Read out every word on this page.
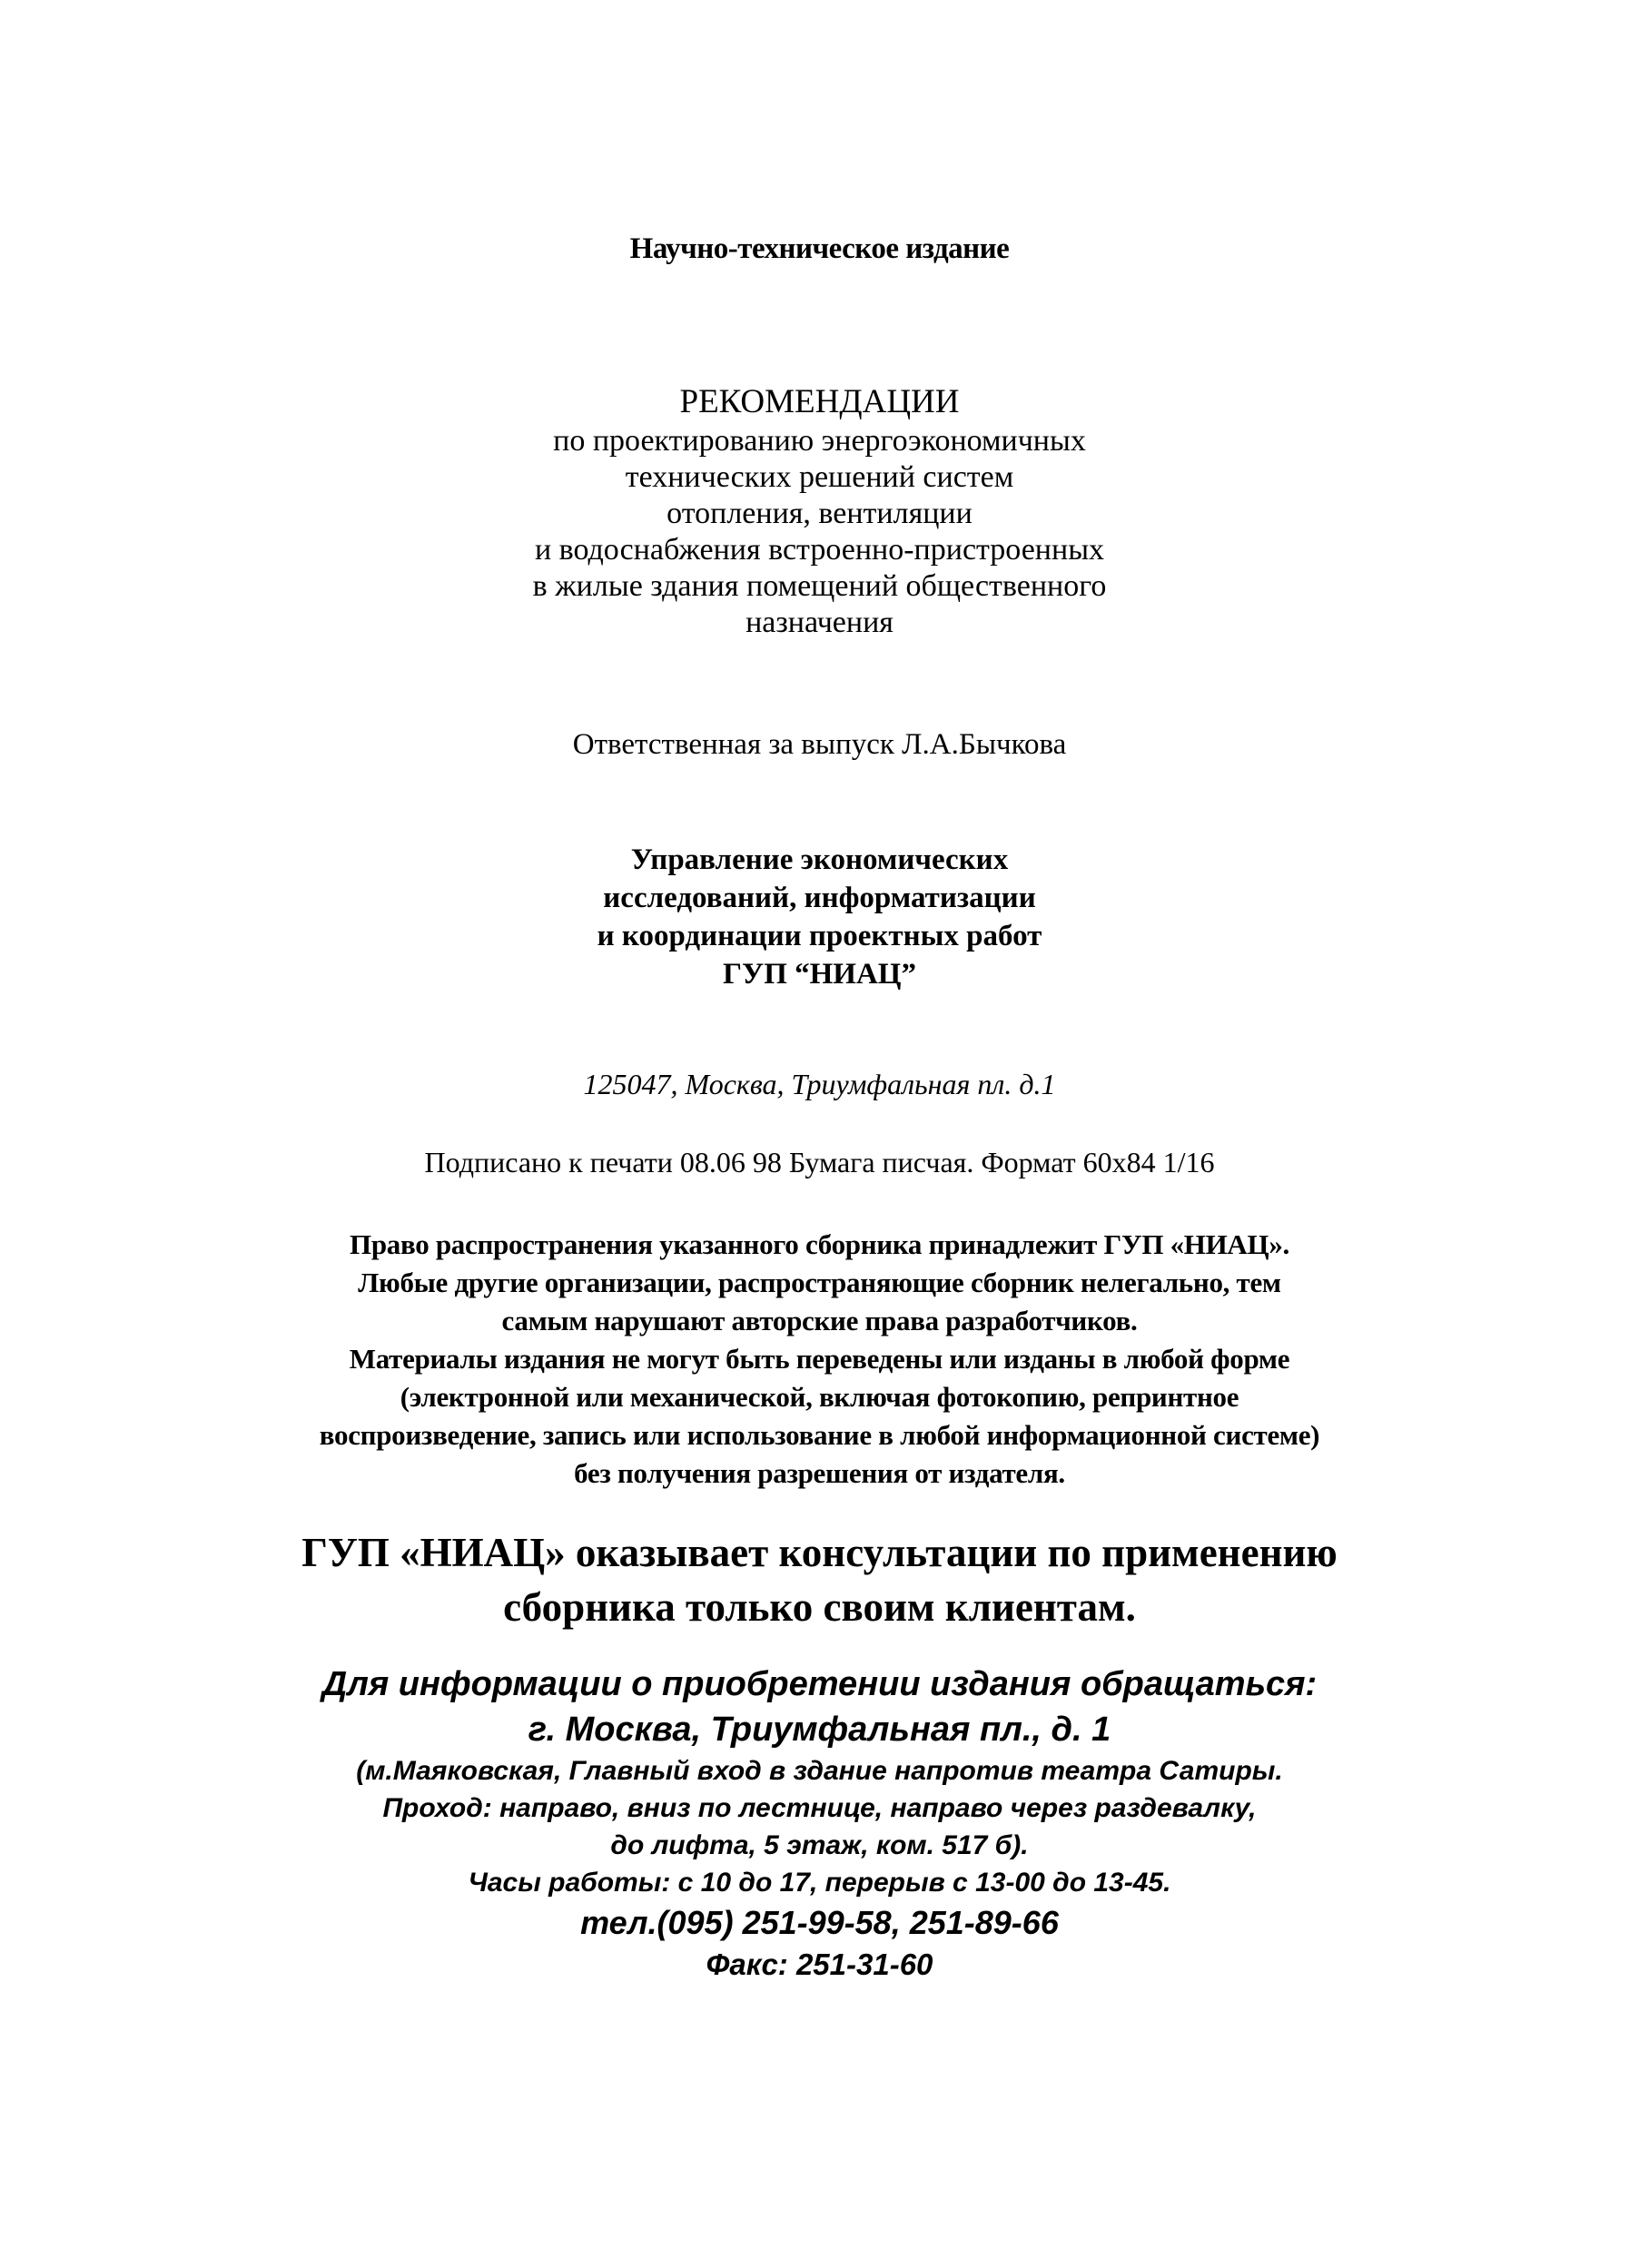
Научно-техническое издание
РЕКОМЕНДАЦИИ
по проектированию энергоэкономичных
технических решений систем
отопления, вентиляции
и водоснабжения встроенно-пристроенных
в жилые здания помещений общественного
назначения
Ответственная за выпуск Л.А.Бычкова
Управление экономических
исследований, информатизации
и координации проектных работ
ГУП “НИАЦ”
125047, Москва, Триумфальная пл. д.1
Подписано к печати 08.06 98 Бумага писчая. Формат 60х84 1/16
Право распространения указанного сборника принадлежит ГУП «НИАЦ».
Любые другие организации, распространяющие сборник нелегально, тем
самым нарушают авторские права разработчиков.
Материалы издания не могут быть переведены или изданы в любой форме
(электронной или механической, включая фотокопию, репринтное
воспроизведение, запись или использование в любой информационной системе)
без получения разрешения от издателя.
ГУП «НИАЦ» оказывает консультации по применению
сборника только своим клиентам.
Для информации о приобретении издания обращаться:
г. Москва, Триумфальная пл., д. 1
(м.Маяковская, Главный вход в здание напротив театра Сатиры.
Проход: направо, вниз по лестнице, направо через раздевалку,
до лифта, 5 этаж, ком. 517 б).
Часы работы: с 10 до 17, перерыв с 13-00 до 13-45.
тел.(095) 251-99-58, 251-89-66
Факс: 251-31-60
